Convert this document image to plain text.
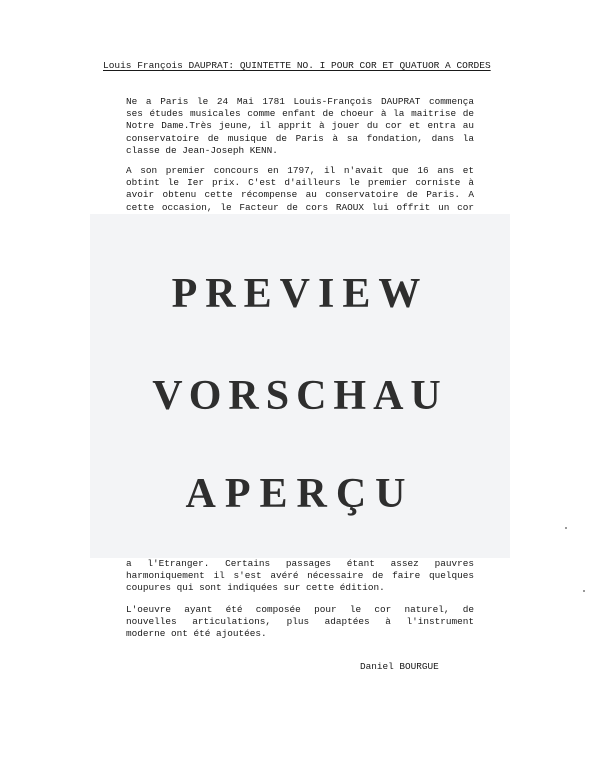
Louis François DAUPRAT: QUINTETTE NO. I POUR COR ET QUATUOR A CORDES
Ne a Paris le 24 Mai 1781 Louis-François DAUPRAT commença
ses études musicales comme enfant de choeur à la maitrise de
Notre Dame.Très jeune, il apprit à jouer du cor et entra au
conservatoire de musique de Paris à sa fondation, dans la
classe de Jean-Joseph KENN.
A son premier concours en 1797, il n'avait que 16 ans et
obtint le Ier prix. C'est d'ailleurs le premier corniste à
avoir obtenu cette récompense au conservatoire de Paris. A
cette occasion, le Facteur de cors RAOUX lui offrit un cor
a l'Etranger. Certains passages étant assez pauvres
harmoniquement il s'est avéré nécessaire de faire quelques
coupures qui sont indiquées sur cette édition.
L'oeuvre ayant été composée pour le cor naturel, de
nouvelles articulations, plus adaptées à l'instrument
moderne ont été ajoutées.
Daniel BOURGUE
PREVIEW
VORSCHAU
APERÇU
